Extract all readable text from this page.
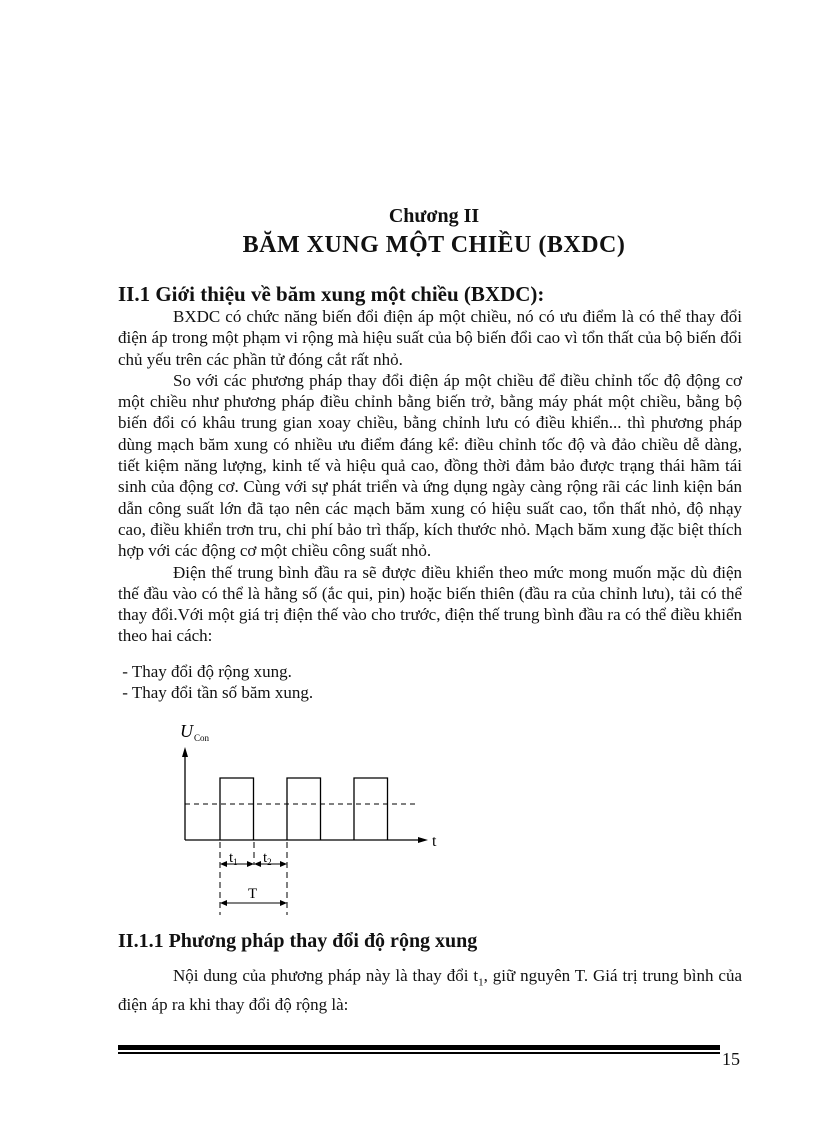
Chương II
BĂM XUNG MỘT CHIỀU (BXDC)
II.1 Giới thiệu về băm xung một chiều (BXDC):

BXDC có chức năng biến đổi điện áp một chiều, nó có ưu điểm là có thể thay đổi điện áp trong một phạm vi rộng mà hiệu suất của bộ biến đổi cao vì tổn thất của bộ biến đổi chủ yếu trên các phần tử đóng cắt rất nhỏ.

So với các phương pháp thay đổi điện áp một chiều để điều chỉnh tốc độ động cơ một chiều như phương pháp điều chỉnh bằng biến trở, bằng máy phát một chiều, bằng bộ biến đổi có khâu trung gian xoay chiều, bằng chỉnh lưu có điều khiển... thì phương pháp dùng mạch băm xung có nhiều ưu điểm đáng kể: điều chỉnh tốc độ và đảo chiều dễ dàng, tiết kiệm năng lượng, kinh tế và hiệu quả cao, đồng thời đảm bảo được trạng thái hãm tái sinh của động cơ. Cùng với sự phát triển và ứng dụng ngày càng rộng rãi các linh kiện bán dẫn công suất lớn đã tạo nên các mạch băm xung có hiệu suất cao, tổn thất nhỏ, độ nhạy cao, điều khiển trơn tru, chi phí bảo trì thấp, kích thước nhỏ. Mạch băm xung đặc biệt thích hợp với các động cơ một chiều công suất nhỏ.

Điện thế trung bình đầu ra sẽ được điều khiển theo mức mong muốn mặc dù điện thế đầu vào có thể là hằng số (ắc qui, pin) hoặc biến thiên (đầu ra của chỉnh lưu), tải có thể thay đổi.Với một giá trị điện thế vào cho trước, điện thế trung bình đầu ra có thể điều khiển theo hai cách:

- Thay đổi độ rộng xung.
- Thay đổi tần số băm xung.
$U_{Con}$
t
$t_1$ $t_2$
T
II.1.1 Phương pháp thay đổi độ rộng xung

Nội dung của phương pháp này là thay đổi $t_1$, giữ nguyên T. Giá trị trung bình của điện áp ra khi thay đổi độ rộng là:

15
